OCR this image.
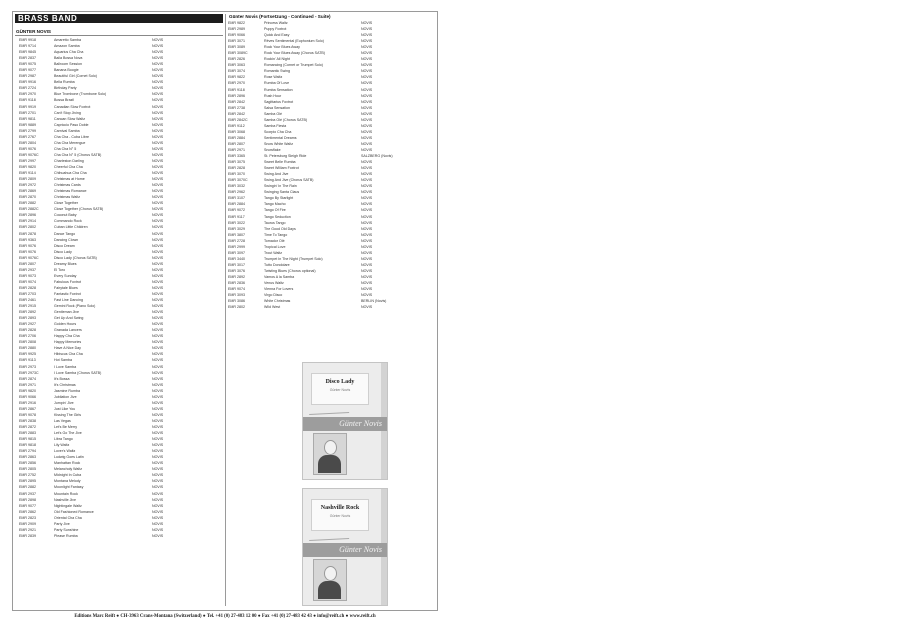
BRASS BAND
GÜNTER NOVIS
EMR 9918	Amaretto Samba	NOVIS
EMR 9714	Amazon Samba	NOVIS
EMR 9845	Aquarius Cha Cha	NOVIS
EMR 2837	Baila Bossa Nova	NOVIS
EMR 9075	Ballroom Session	NOVIS
EMR 9077	Banana Boogie	NOVIS
EMR 2987	Beautiful Girl (Cornet Solo)	NOVIS
EMR 9916	Bella Rumba	NOVIS
EMR 2724	Birthday Party	NOVIS
EMR 2970	Blue Trombone (Trombone Solo)	NOVIS
EMR 9118	Bossa Brazil	NOVIS
EMR 9919	Canadian Slow Foxtrot	NOVIS
EMR 2701	Can't Stop Jiving	NOVIS
EMR 9811	Cancan Slow Waltz	NOVIS
EMR 9889	Capriccio Paso Doble	NOVIS
EMR 2799	Carnival Samba	NOVIS
EMR 2767	Cha Cha - Cuba Libre	NOVIS
EMR 2804	Cha Cha Merengue	NOVIS
EMR 9076	Cha Cha N° 5	NOVIS
EMR 9076C	Cha Cha N° 5 (Chorus SATB)	NOVIS
EMR 2997	Charleston Darling	NOVIS
EMR 9820	Cheerful Cha Cha	NOVIS
EMR 9114	Chihuahua Cha Cha	NOVIS
EMR 2809	Christmas at Home	NOVIS
EMR 2972	Christmas Cards	NOVIS
EMR 2869	Christmas Romance	NOVIS
EMR 2870	Christmas Waltz	NOVIS
EMR 2882	Close Together	NOVIS
EMR 2882C	Close Together (Chorus SATB)	NOVIS
EMR 2896	Coconut Baby	NOVIS
EMR 2914	Commando Rock	NOVIS
EMR 2802	Cuban Little Children	NOVIS
EMR 2878	Dance Tango	NOVIS
EMR 9363	Dancing Clown	NOVIS
EMR 9076	Disco Dream	NOVIS
EMR 9076	Disco Lady	NOVIS
EMR 9076C	Disco Lady (Chorus SATB)	NOVIS
EMR 2807	Dreamy Blues	NOVIS
EMR 2937	El Toro	NOVIS
EMR 9073	Every Sunday	NOVIS
EMR 9074	Fabulous Foxtrot	NOVIS
EMR 2828	Fairytale Blues	NOVIS
EMR 2703	Fantastic Foxtrot	NOVIS
EMR 2461	Fast Line Dancing	NOVIS
EMR 2915	Gemini Rock (Piano Solo)	NOVIS
EMR 2892	Gentleman Jive	NOVIS
EMR 2893	Get Up And Swing	NOVIS
EMR 2927	Golden Hours	NOVIS
EMR 2828	Granada Lancers	NOVIS
EMR 2706	Happy Cha Cha	NOVIS
EMR 2808	Happy Memories	NOVIS
EMR 2880	Have A Nice Day	NOVIS
EMR 9925	Hibiscus Cha Cha	NOVIS
EMR 9113	Hot Samba	NOVIS
EMR 2973	I Love Samba	NOVIS
EMR 2973C	I Love Samba (Chorus SATB)	NOVIS
EMR 2874	It's Bossa	NOVIS
EMR 2971	It's Christmas	NOVIS
EMR 9820	Jasmine Rumba	NOVIS
EMR 9066	Jubilation Jive	NOVIS
EMR 2916	Jumpin' Jive	NOVIS
EMR 2867	Just Like You	NOVIS
EMR 9078	Kissing The Girls	NOVIS
EMR 2838	Las Vegas	NOVIS
EMR 2872	Let's Be Merry	NOVIS
EMR 2883	Let's Go The Jive	NOVIS
EMR 9815	Libra Tango	NOVIS
EMR 9818	Lily Waltz	NOVIS
EMR 2794	Lover's Waltz	NOVIS
EMR 2863	Ludwig Goes Latin	NOVIS
EMR 2856	Manhattan Rock	NOVIS
EMR 2805	Melancholy Waltz	NOVIS
EMR 2752	Midnight In Cuba	NOVIS
EMR 2895	Montana Melody	NOVIS
EMR 2882	Moonlight Fantasy	NOVIS
EMR 2937	Mountain Rock	NOVIS
EMR 2898	Nashville Jive	NOVIS
EMR 9077	Nightingale Waltz	NOVIS
EMR 2862	Old Fashioned Romance	NOVIS
EMR 2823	Oriental Cha Cha	NOVIS
EMR 2909	Party Jive	NOVIS
EMR 2921	Party Sunshine	NOVIS
EMR 2839	Please Rumba	NOVIS
Günter Novis (Fortsetzung - Continued - Suite)
EMR 9822	Princess Waltz	NOVIS
EMR 2989	Puppy Foxtrot	NOVIS
EMR 9066	Quick And Easy	NOVIS
EMR 3071	Rêves Sentimental (Euphonium Solo)	NOVIS
EMR 3089	Rock Your Blues Away	NOVIS
EMR 3089C	Rock Your Blues Away (Chorus SATB)	NOVIS
EMR 2826	Rockin' All Night	NOVIS
EMR 3063	Romancing (Cornet or Trumpet Solo)	NOVIS
EMR 3074	Romantic Swing	NOVIS
EMR 9822	Rose Waltz	NOVIS
EMR 2970	Rumba Of Love	NOVIS
EMR 9118	Rumba Sensation	NOVIS
EMR 2896	Rush Hour	NOVIS
EMR 2842	Sagittarius Foxtrot	NOVIS
EMR 2738	Salsa Sensation	NOVIS
EMR 2842	Samba Olé	NOVIS
EMR 2842C	Samba Olé (Chorus SATB)	NOVIS
EMR 9112	Samba Fiesta	NOVIS
EMR 3068	Scorpio Cha Cha	NOVIS
EMR 2884	Sentimental Dreams	NOVIS
EMR 2807	Snow White Waltz	NOVIS
EMR 2971	Snowflake	NOVIS
EMR 3365	St. Petersburg Sleigh Ride	SALZBERG (Novis)
EMR 3075	Sweet Belle Rumba	NOVIS
EMR 2828	Sweet William Foxtrot	NOVIS
EMR 3070	Swing And Jive	NOVIS
EMR 3070C	Swing And Jive (Chorus SATB)	NOVIS
EMR 3032	Swingin' In The Rain	NOVIS
EMR 2962	Swinging Santa Claus	NOVIS
EMR 3107	Tango By Starlight	NOVIS
EMR 2884	Tango Macho	NOVIS
EMR 9072	Tango Of Fire	NOVIS
EMR 9117	Tango Seduction	NOVIS
EMR 3022	Taurus Tango	NOVIS
EMR 3029	The Good Old Days	NOVIS
EMR 3807	Time To Tango	NOVIS
EMR 2728	Tomador Olé	NOVIS
EMR 2999	Tropical Love	NOVIS
EMR 3097	Trout Waltz	NOVIS
EMR 3440	Trumpet In The Night (Trumpet Solo)	NOVIS
EMR 3017	Tutto Dondolare	NOVIS
EMR 3076	Twisting Blues (Chorus optional)	NOVIS
EMR 2892	Vamos A la Samba	NOVIS
EMR 2836	Venus Waltz	NOVIS
EMR 9074	Vienna For Lovers	NOVIS
EMR 3093	Virgo Disco	NOVIS
EMR 3086	White Christmas	BERLIN (Novis)
EMR 2802	Wild West	NOVIS
Disco Lady
Günter Novis
Günter Novis
Nashville Rock
Günter Novis
Günter Novis
Editions Marc Reift ● CH-3963 Crans-Montana (Switzerland) ● Tel. +41 (0) 27-483 12 00 ● Fax +41 (0) 27-483 42 43 ● info@reift.ch ● www.reift.ch
